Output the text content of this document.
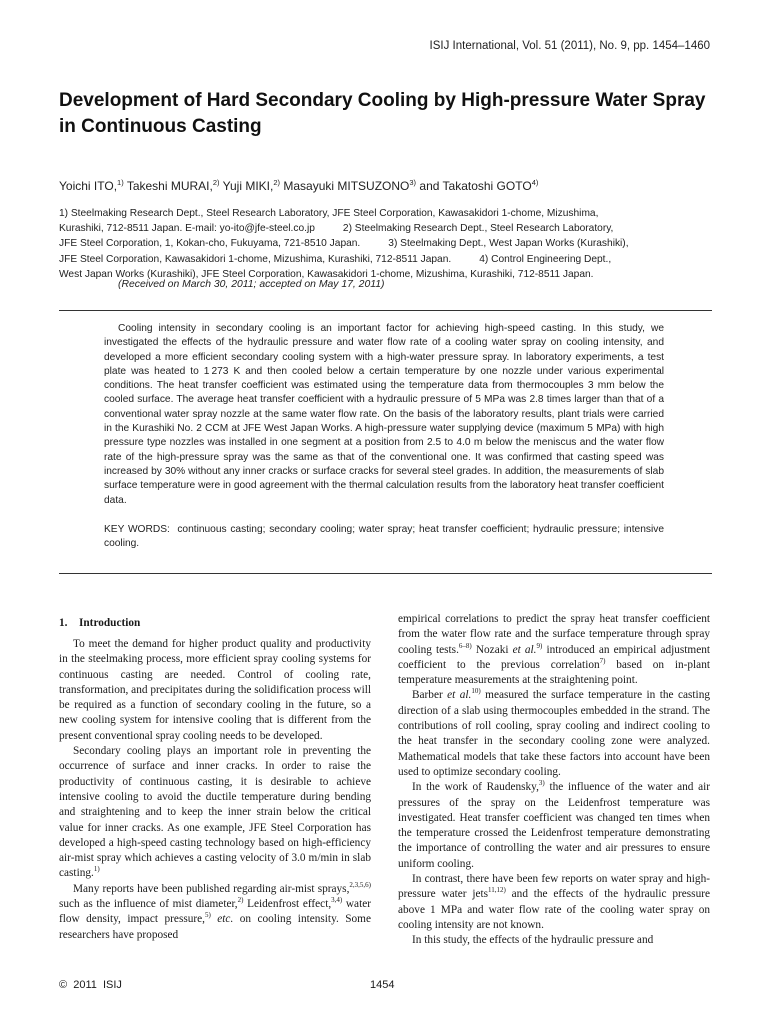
ISIJ International, Vol. 51 (2011), No. 9, pp. 1454–1460
Development of Hard Secondary Cooling by High-pressure Water Spray in Continuous Casting
Yoichi ITO,$^{1)}$ Takeshi MURAI,$^{2)}$ Yuji MIKI,$^{2)}$ Masayuki MITSUZONO$^{3)}$ and Takatoshi GOTO$^{4)}$
1) Steelmaking Research Dept., Steel Research Laboratory, JFE Steel Corporation, Kawasakidori 1-chome, Mizushima,
Kurashiki, 712-8511 Japan. E-mail: yo-ito@jfe-steel.co.jp	2) Steelmaking Research Dept., Steel Research Laboratory,
JFE Steel Corporation, 1, Kokan-cho, Fukuyama, 721-8510 Japan.	3) Steelmaking Dept., West Japan Works (Kurashiki),
JFE Steel Corporation, Kawasakidori 1-chome, Mizushima, Kurashiki, 712-8511 Japan.	4) Control Engineering Dept.,
West Japan Works (Kurashiki), JFE Steel Corporation, Kawasakidori 1-chome, Mizushima, Kurashiki, 712-8511 Japan.
(Received on March 30, 2011; accepted on May 17, 2011)

Cooling intensity in secondary cooling is an important factor for achieving high-speed casting. In this study, we investigated the effects of the hydraulic pressure and water flow rate of a cooling water spray on cooling intensity, and developed a more efficient secondary cooling system with a high-water pressure spray. In laboratory experiments, a test plate was heated to 1 273 K and then cooled below a certain temperature by one nozzle under various experimental conditions. The heat transfer coefficient was estimated using the temperature data from thermocouples 3 mm below the cooled surface. The average heat transfer coefficient with a hydraulic pressure of 5 MPa was 2.8 times larger than that of a conventional water spray nozzle at the same water flow rate. On the basis of the laboratory results, plant trials were carried in the Kurashiki No. 2 CCM at JFE West Japan Works. A high-pressure water supplying device (maximum 5 MPa) with high pressure type nozzles was installed in one segment at a position from 2.5 to 4.0 m below the meniscus and the water flow rate of the high-pressure spray was the same as that of the conventional one. It was confirmed that casting speed was increased by 30% without any inner cracks or surface cracks for several steel grades. In addition, the measurements of slab surface temperature were in good agreement with the thermal calculation results from the laboratory heat transfer coefficient data.

KEY WORDS:  continuous casting; secondary cooling; water spray; heat transfer coefficient; hydraulic pressure; intensive cooling.

1. Introduction

To meet the demand for higher product quality and productivity in the steelmaking process, more efficient spray cooling systems for continuous casting are needed. Control of cooling rate, transformation, and precipitates during the solidification process will be required as a function of secondary cooling in the future, so a new cooling system for intensive cooling that is different from the present conventional spray cooling needs to be developed.

Secondary cooling plays an important role in preventing the occurrence of surface and inner cracks. In order to raise the productivity of continuous casting, it is desirable to achieve intensive cooling to avoid the ductile temperature during bending and straightening and to keep the inner strain below the critical value for inner cracks. As one example, JFE Steel Corporation has developed a high-speed casting technology based on high-efficiency air-mist spray which achieves a casting velocity of 3.0 m/min in slab casting.$^{1)}$

Many reports have been published regarding air-mist sprays,$^{2,3,5,6)}$ such as the influence of mist diameter,$^{2)}$ Leidenfrost effect,$^{3,4)}$ water flow density, impact pressure,$^{5)}$ etc. on cooling intensity. Some researchers have proposed

empirical correlations to predict the spray heat transfer coefficient from the water flow rate and the surface temperature through spray cooling tests.$^{6-8)}$ Nozaki et al.$^{9)}$ introduced an empirical adjustment coefficient to the previous correlation$^{7)}$ based on in-plant temperature measurements at the straightening point.

Barber et al.$^{10)}$ measured the surface temperature in the casting direction of a slab using thermocouples embedded in the strand. The contributions of roll cooling, spray cooling and indirect cooling to the heat transfer in the secondary cooling zone were analyzed. Mathematical models that take these factors into account have been used to optimize secondary cooling.

In the work of Raudensky,$^{3)}$ the influence of the water and air pressures of the spray on the Leidenfrost temperature was investigated. Heat transfer coefficient was changed ten times when the temperature crossed the Leidenfrost temperature demonstrating the importance of controlling the water and air pressures to ensure uniform cooling.

In contrast, there have been few reports on water spray and high-pressure water jets$^{11,12)}$ and the effects of the hydraulic pressure above 1 MPa and water flow rate of the cooling water spray on cooling intensity are not known.

In this study, the effects of the hydraulic pressure and

©  2011  ISIJ	1454
